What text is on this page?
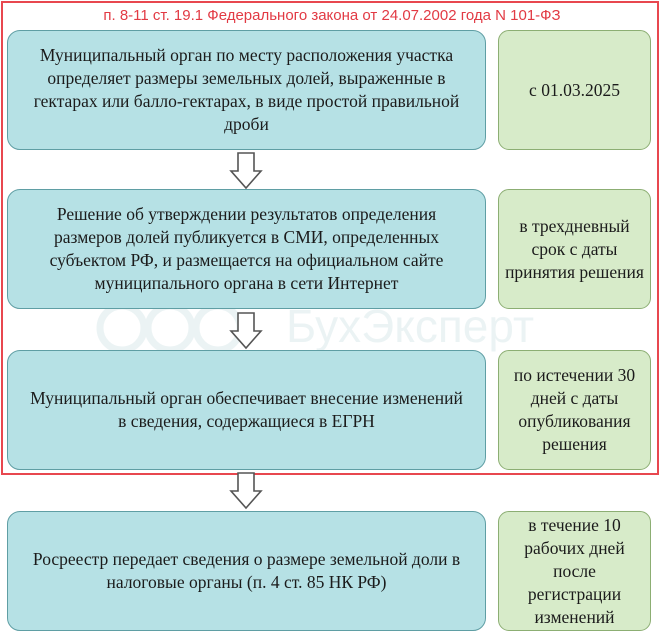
п. 8-11 ст. 19.1 Федерального закона от 24.07.2002 года N 101-ФЗ
БухЭксперт
Муниципальный орган по месту расположения участка определяет размеры земельных долей, выраженные в гектарах или балло-гектарах, в виде простой правильной дроби
с 01.03.2025
Решение об утверждении результатов определения размеров долей публикуется в СМИ, определенных субъектом РФ, и размещается на официальном сайте муниципального органа в сети Интернет
в трехдневный срок с даты принятия решения
Муниципальный орган обеспечивает внесение изменений в сведения, содержащиеся в ЕГРН
по истечении 30 дней с даты опубликования решения
Росреестр передает сведения о размере земельной доли в налоговые органы (п. 4 ст. 85 НК РФ)
в течение 10 рабочих дней после регистрации изменений
